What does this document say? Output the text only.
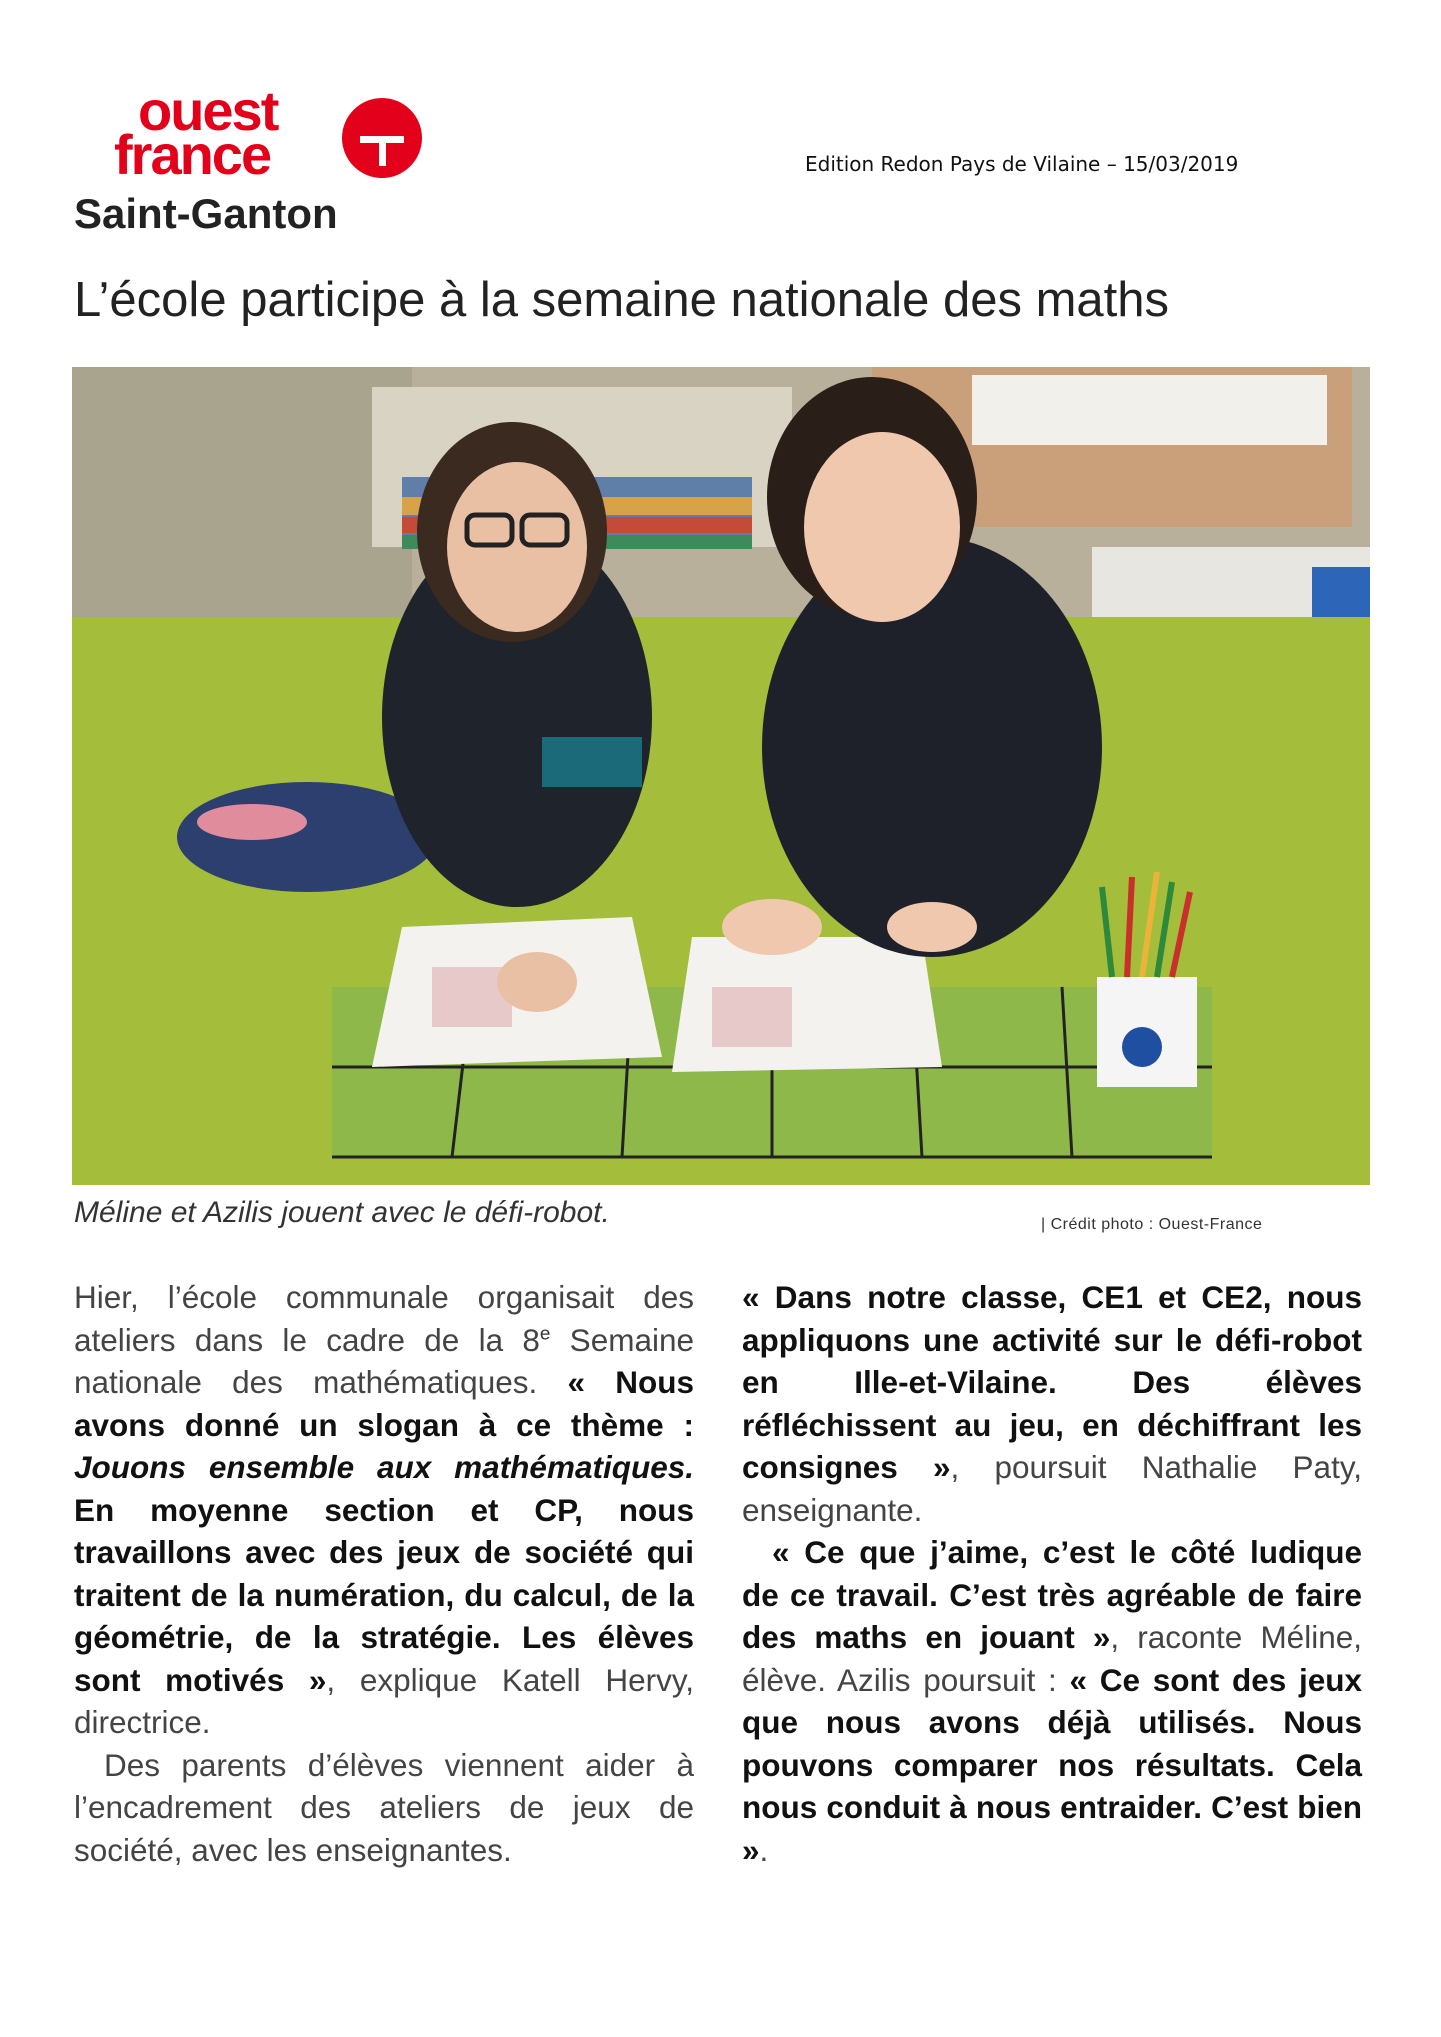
ouest
france	Edition Redon Pays de Vilaine – 15/03/2019
Saint-Ganton
L’école participe à la semaine nationale des maths
Méline et Azilis jouent avec le défi-robot.	| Crédit photo : Ouest-France

Hier, l’école communale organisait des ateliers dans le cadre de la 8e Semaine nationale des mathématiques. « Nous avons donné un slogan à ce thème : Jouons ensemble aux mathématiques. En moyenne section et CP, nous travaillons avec des jeux de société qui traitent de la numération, du calcul, de la géométrie, de la stratégie. Les élèves sont motivés », explique Katell Hervy, directrice.

Des parents d’élèves viennent aider à l’encadrement des ateliers de jeux de société, avec les enseignantes.

« Dans notre classe, CE1 et CE2, nous appliquons une activité sur le défi-robot en Ille-et-Vilaine. Des élèves réfléchissent au jeu, en déchiffrant les consignes », poursuit Nathalie Paty, enseignante.

« Ce que j’aime, c’est le côté ludique de ce travail. C’est très agréable de faire des maths en jouant », raconte Méline, élève. Azilis poursuit : « Ce sont des jeux que nous avons déjà utilisés. Nous pouvons comparer nos résultats. Cela nous conduit à nous entraider. C’est bien ».
